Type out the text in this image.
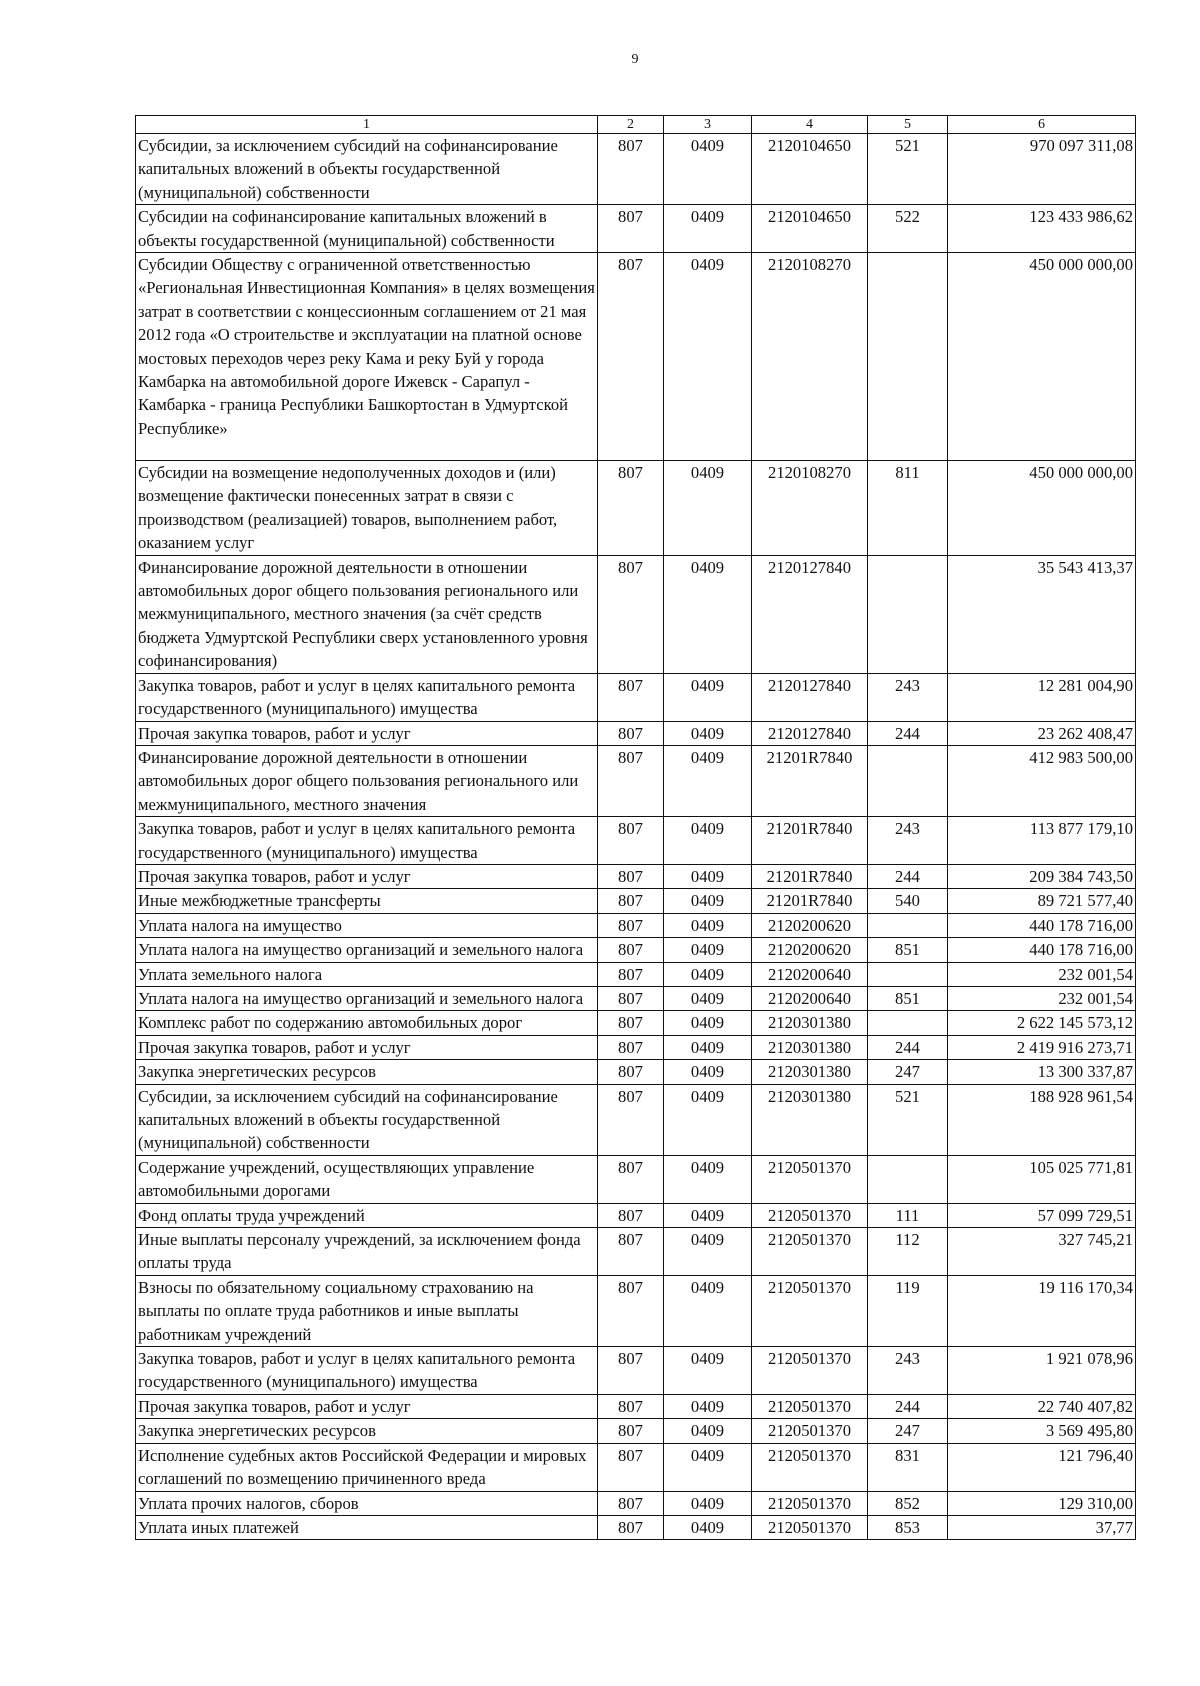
9
1	2	3	4	5	6
Субсидии, за исключением субсидий на софинансирование капитальных вложений в объекты государственной (муниципальной) собственности	807	0409	2120104650	521	970 097 311,08
Субсидии на софинансирование капитальных вложений в объекты государственной (муниципальной) собственности	807	0409	2120104650	522	123 433 986,62
Субсидии Обществу с ограниченной ответственностью «Региональная Инвестиционная Компания» в целях возмещения затрат в соответствии с концессионным соглашением от 21 мая 2012 года «О строительстве и эксплуатации на платной основе мостовых переходов через реку Кама и реку Буй у города Камбарка на автомобильной дороге Ижевск - Сарапул - Камбарка - граница Республики Башкортостан в Удмуртской Республике»	807	0409	2120108270		450 000 000,00
Субсидии на возмещение недополученных доходов и (или) возмещение фактически понесенных затрат в связи с производством (реализацией) товаров, выполнением работ, оказанием услуг	807	0409	2120108270	811	450 000 000,00
Финансирование дорожной деятельности в отношении автомобильных дорог общего пользования регионального или межмуниципального, местного значения (за счёт средств бюджета Удмуртской Республики сверх установленного уровня софинансирования)	807	0409	2120127840		35 543 413,37
Закупка товаров, работ и услуг в целях капитального ремонта государственного (муниципального) имущества	807	0409	2120127840	243	12 281 004,90
Прочая закупка товаров, работ и услуг	807	0409	2120127840	244	23 262 408,47
Финансирование дорожной деятельности в отношении автомобильных дорог общего пользования регионального или межмуниципального, местного значения	807	0409	21201R7840		412 983 500,00
Закупка товаров, работ и услуг в целях капитального ремонта государственного (муниципального) имущества	807	0409	21201R7840	243	113 877 179,10
Прочая закупка товаров, работ и услуг	807	0409	21201R7840	244	209 384 743,50
Иные межбюджетные трансферты	807	0409	21201R7840	540	89 721 577,40
Уплата налога на имущество	807	0409	2120200620		440 178 716,00
Уплата налога на имущество организаций и земельного налога	807	0409	2120200620	851	440 178 716,00
Уплата земельного налога	807	0409	2120200640		232 001,54
Уплата налога на имущество организаций и земельного налога	807	0409	2120200640	851	232 001,54
Комплекс работ по содержанию автомобильных дорог	807	0409	2120301380		2 622 145 573,12
Прочая закупка товаров, работ и услуг	807	0409	2120301380	244	2 419 916 273,71
Закупка энергетических ресурсов	807	0409	2120301380	247	13 300 337,87
Субсидии, за исключением субсидий на софинансирование капитальных вложений в объекты государственной (муниципальной) собственности	807	0409	2120301380	521	188 928 961,54
Содержание учреждений, осуществляющих управление автомобильными дорогами	807	0409	2120501370		105 025 771,81
Фонд оплаты труда учреждений	807	0409	2120501370	111	57 099 729,51
Иные выплаты персоналу учреждений, за исключением фонда оплаты труда	807	0409	2120501370	112	327 745,21
Взносы по обязательному социальному страхованию на выплаты по оплате труда работников и иные выплаты работникам учреждений	807	0409	2120501370	119	19 116 170,34
Закупка товаров, работ и услуг в целях капитального ремонта государственного (муниципального) имущества	807	0409	2120501370	243	1 921 078,96
Прочая закупка товаров, работ и услуг	807	0409	2120501370	244	22 740 407,82
Закупка энергетических ресурсов	807	0409	2120501370	247	3 569 495,80
Исполнение судебных актов Российской Федерации и мировых соглашений по возмещению причиненного вреда	807	0409	2120501370	831	121 796,40
Уплата прочих налогов, сборов	807	0409	2120501370	852	129 310,00
Уплата иных платежей	807	0409	2120501370	853	37,77
